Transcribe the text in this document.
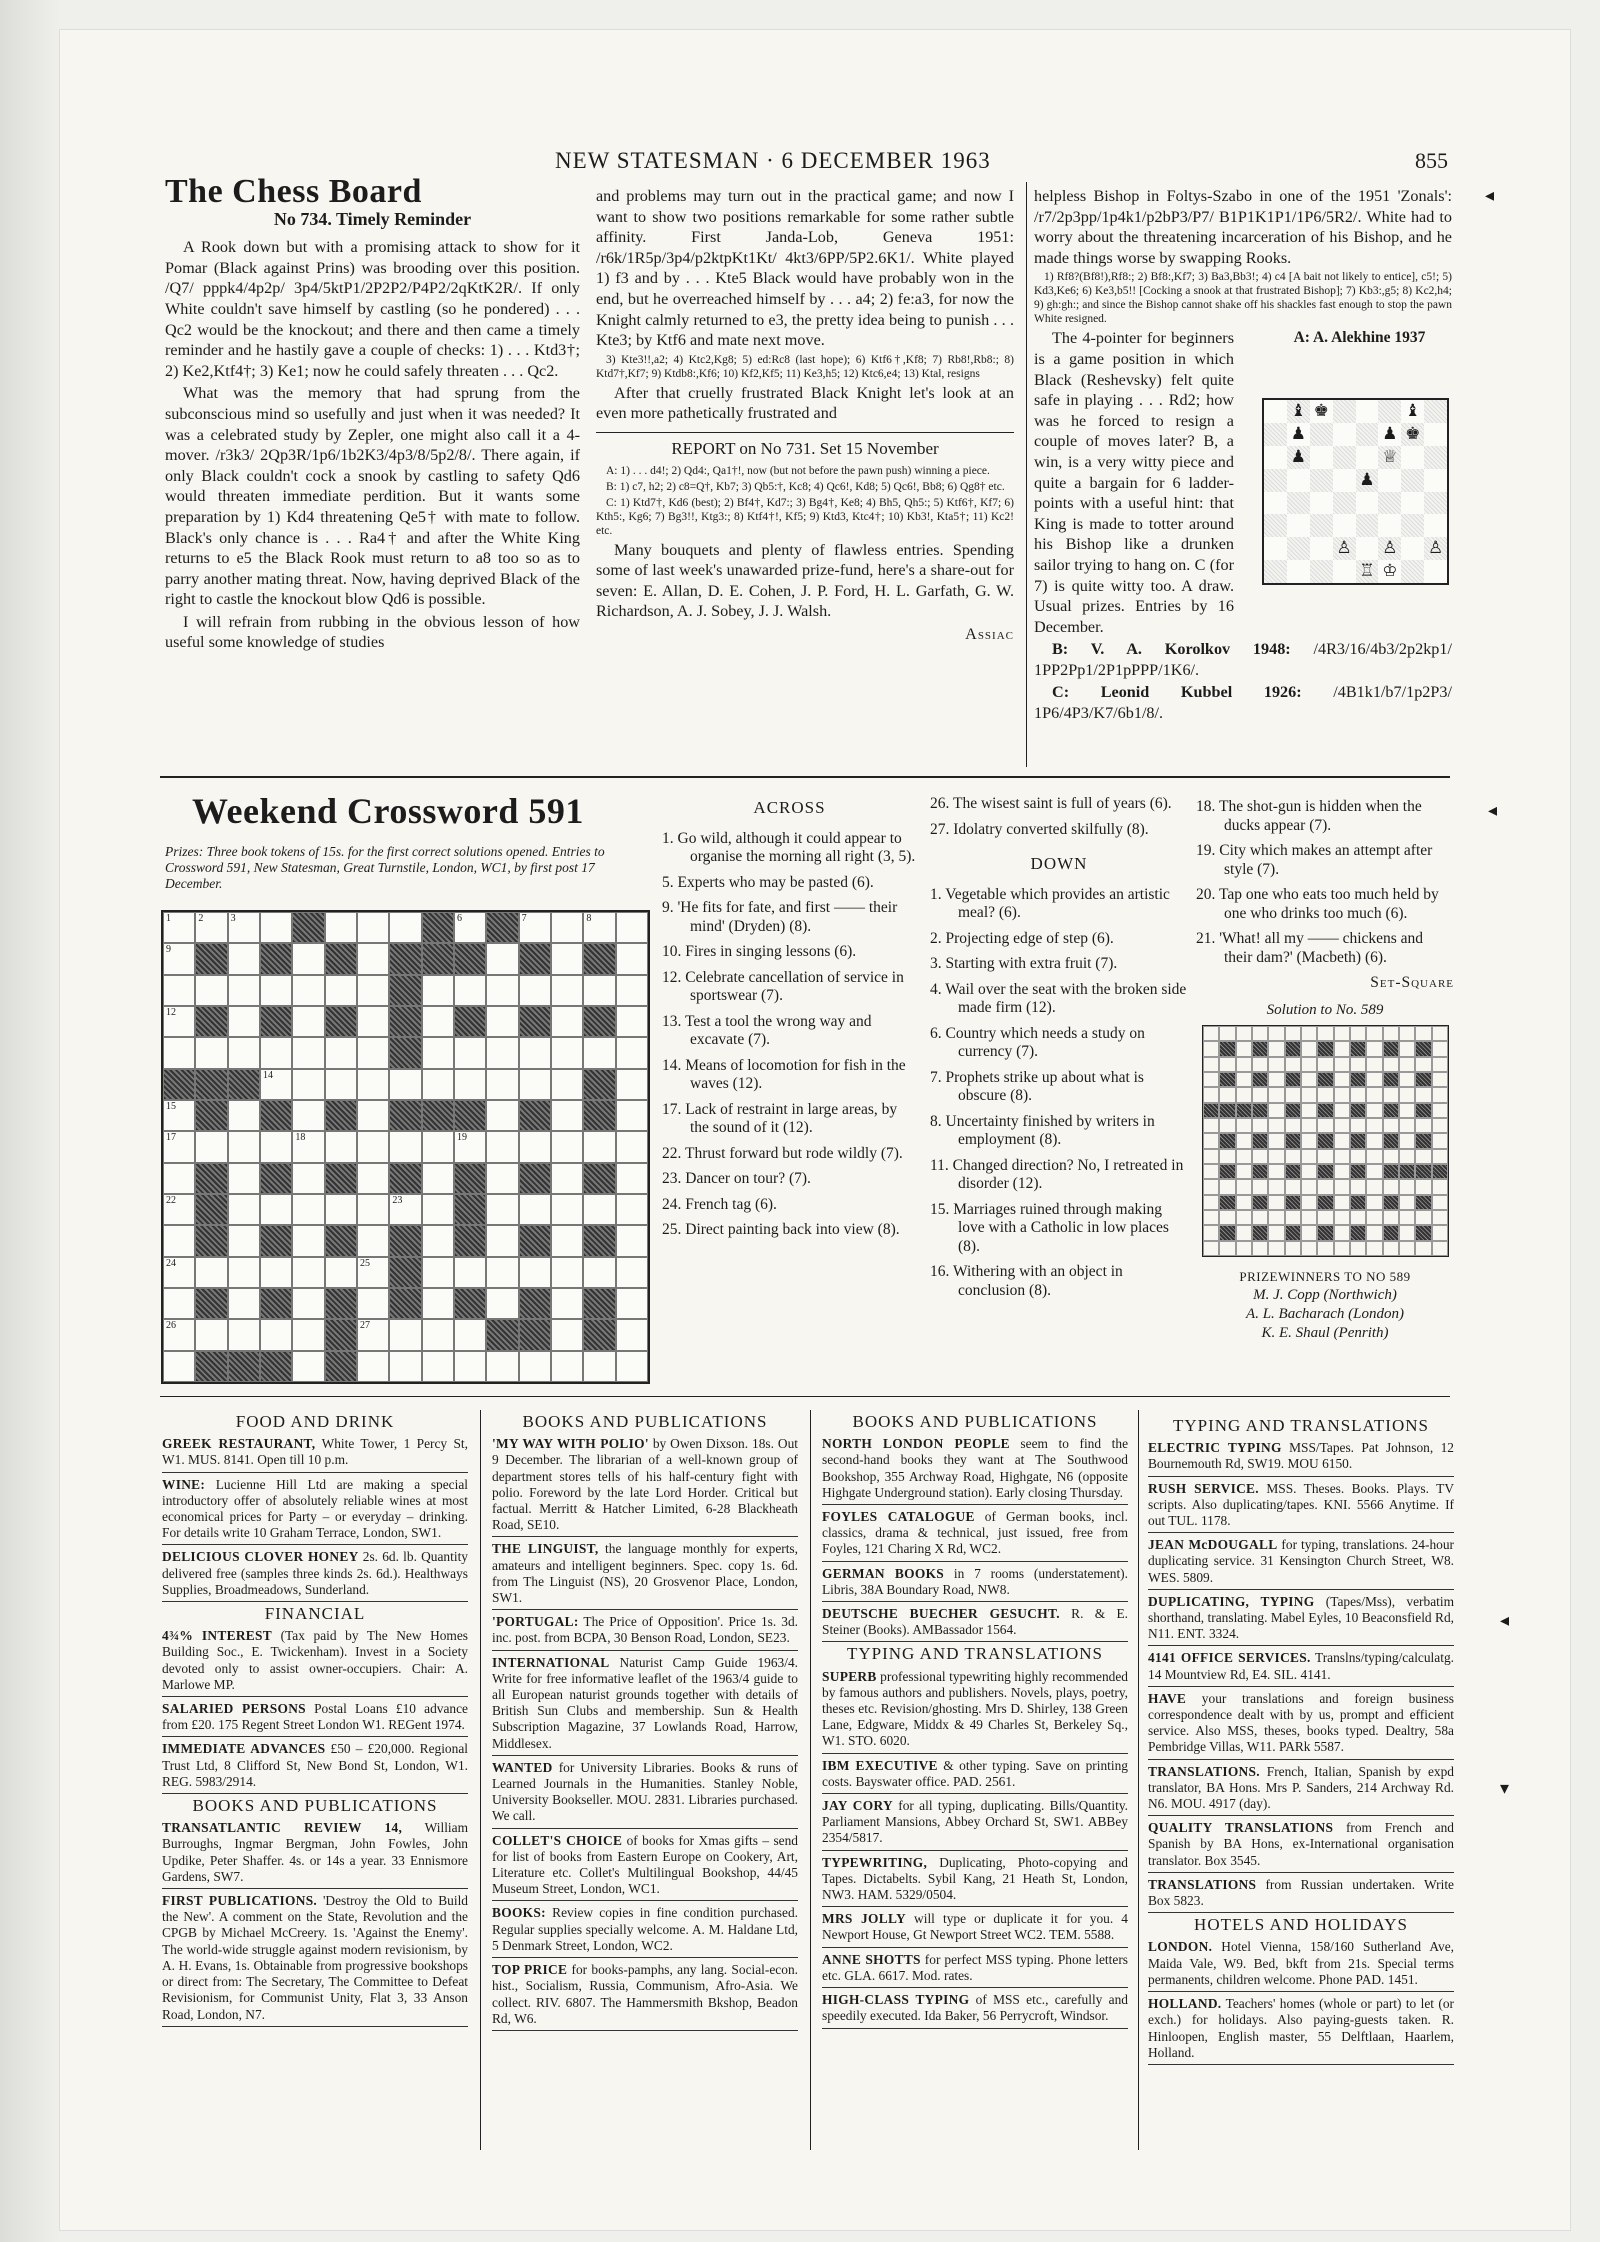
NEW STATESMAN · 6 DECEMBER 1963	855
The Chess Board
No 734. Timely Reminder

A Rook down but with a promising attack to show for it Pomar (Black against Prins) was brooding over this position. /Q7/ pppk4/4p2p/ 3p4/5ktP1/2P2P2/P4P2/2qKtK2R/. If only White couldn't save himself by castling (so he pondered) . . . Qc2 would be the knockout; and there and then came a timely reminder and he hastily gave a couple of checks: 1) . . . Ktd3†; 2) Ke2,Ktf4†; 3) Ke1; now he could safely threaten . . . Qc2.

What was the memory that had sprung from the subconscious mind so usefully and just when it was needed? It was a celebrated study by Zepler, one might also call it a 4-mover. /r3k3/ 2Qp3R/1p6/1b2K3/4p3/8/5p2/8/. There again, if only Black couldn't cock a snook by castling to safety Qd6 would threaten immediate perdition. But it wants some preparation by 1) Kd4 threatening Qe5† with mate to follow. Black's only chance is . . . Ra4† and after the White King returns to e5 the Black Rook must return to a8 too so as to parry another mating threat. Now, having deprived Black of the right to castle the knockout blow Qd6 is possible.

I will refrain from rubbing in the obvious lesson of how useful some knowledge of studies

and problems may turn out in the practical game; and now I want to show two positions remarkable for some rather subtle affinity. First Janda-Lob, Geneva 1951: /r6k/1R5p/3p4/p2ktpKt1Kt/ 4kt3/6PP/5P2.6K1/. White played 1) f3 and by . . . Kte5 Black would have probably won in the end, but he overreached himself by . . . a4; 2) fe:a3, for now the Knight calmly returned to e3, the pretty idea being to punish . . . Kte3; by Ktf6 and mate next move.

3) Kte3!!,a2; 4) Ktc2,Kg8; 5) ed:Rc8 (last hope); 6) Ktf6†,Kf8; 7) Rb8!,Rb8:; 8) Ktd7†,Kf7; 9) Ktdb8:,Kf6; 10) Kf2,Kf5; 11) Ke3,h5; 12) Ktc6,e4; 13) Ktal, resigns

After that cruelly frustrated Black Knight let's look at an even more pathetically frustrated and

REPORT on No 731. Set 15 November

A: 1) . . . d4!; 2) Qd4:, Qa1†!, now (but not before the pawn push) winning a piece.

B: 1) c7, h2; 2) c8=Q†, Kb7; 3) Qb5:†, Kc8; 4) Qc6!, Kd8; 5) Qc6!, Bb8; 6) Qg8† etc.

C: 1) Ktd7†, Kd6 (best); 2) Bf4†, Kd7:; 3) Bg4†, Ke8; 4) Bh5, Qh5:; 5) Ktf6†, Kf7; 6) Kth5:, Kg6; 7) Bg3!!, Ktg3:; 8) Ktf4†!, Kf5; 9) Ktd3, Ktc4†; 10) Kb3!, Kta5†; 11) Kc2! etc.

Many bouquets and plenty of flawless entries. Spending some of last week's unawarded prize-fund, here's a share-out for seven: E. Allan, D. E. Cohen, J. P. Ford, H. L. Garfath, G. W. Richardson, A. J. Sobey, J. J. Walsh.

Assiac

helpless Bishop in Foltys-Szabo in one of the 1951 'Zonals': /r7/2p3pp/1p4k1/p2bP3/P7/ B1P1K1P1/1P6/5R2/. White had to worry about the threatening incarceration of his Bishop, and he made things worse by swapping Rooks.

1) Rf8?(Bf8!),Rf8:; 2) Bf8:,Kf7; 3) Ba3,Bb3!; 4) c4 [A bait not likely to entice], c5!; 5) Kd3,Ke6; 6) Ke3,b5!! [Cocking a snook at that frustrated Bishop]; 7) Kb3:,g5; 8) Kc2,h4; 9) gh:gh:; and since the Bishop cannot shake off his shackles fast enough to stop the pawn White resigned.

A: A. Alekhine 1937

The 4-pointer for beginners is a game position in which Black (Reshevsky) felt quite safe in playing . . . Rd2; how was he forced to resign a couple of moves later? B, a win, is a very witty piece and quite a bargain for 6 ladder-points with a useful hint: that King is made to totter around his Bishop like a drunken sailor trying to hang on. C (for 7) is quite witty too. A draw. Usual prizes. Entries by 16 December.

B: V. A. Korolkov 1948: /4R3/16/4b3/2p2kp1/ 1PP2Pp1/2P1pPPP/1K6/.

C: Leonid Kubbel 1926: /4B1k1/b7/1p2P3/ 1P6/4P3/K7/6b1/8/.

♝ ♚	♝
♟	♟ ♚
♟	♕
♟
♙ ♙ ♙
♖ ♔
Weekend Crossword 591
Prizes: Three book tokens of 15s. for the first correct solutions opened. Entries to Crossword 591, New Statesman, Great Turnstile, London, WC1, by first post 17 December.
1	2	3	6	7	8
9
12
14
15
17	18	19
22	23
24	25
26	27
ACROSS
1. Go wild, although it could appear to organise the morning all right (3, 5).
5. Experts who may be pasted (6).
9. 'He fits for fate, and first —— their mind' (Dryden) (8).
10. Fires in singing lessons (6).
12. Celebrate cancellation of service in sportswear (7).
13. Test a tool the wrong way and excavate (7).
14. Means of locomotion for fish in the waves (12).
17. Lack of restraint in large areas, by the sound of it (12).
22. Thrust forward but rode wildly (7).
23. Dancer on tour? (7).
24. French tag (6).
25. Direct painting back into view (8).
26. The wisest saint is full of years (6).
27. Idolatry converted skilfully (8).
DOWN
1. Vegetable which provides an artistic meal? (6).
2. Projecting edge of step (6).
3. Starting with extra fruit (7).
4. Wail over the seat with the broken side made firm (12).
6. Country which needs a study on currency (7).
7. Prophets strike up about what is obscure (8).
8. Uncertainty finished by writers in employment (8).
11. Changed direction? No, I retreated in disorder (12).
15. Marriages ruined through making love with a Catholic in low places (8).
16. Withering with an object in conclusion (8).
18. The shot-gun is hidden when the ducks appear (7).
19. City which makes an attempt after style (7).
20. Tap one who eats too much held by one who drinks too much (6).
21. 'What! all my —— chickens and their dam?' (Macbeth) (6).
Set-Square
Solution to No. 589
PRIZEWINNERS TO NO 589
M. J. Copp (Northwich)
A. L. Bacharach (London)
K. E. Shaul (Penrith)
FOOD AND DRINK
GREEK RESTAURANT, White Tower, 1 Percy St, W1. MUS. 8141. Open till 10 p.m.
WINE: Lucienne Hill Ltd are making a special introductory offer of absolutely reliable wines at most economical prices for Party – or everyday – drinking. For details write 10 Graham Terrace, London, SW1.
DELICIOUS CLOVER HONEY 2s. 6d. lb. Quantity delivered free (samples three kinds 2s. 6d.). Healthways Supplies, Broadmeadows, Sunderland.
FINANCIAL
4¾% INTEREST (Tax paid by The New Homes Building Soc., E. Twickenham). Invest in a Society devoted only to assist owner-occupiers. Chair: A. Marlowe MP.
SALARIED PERSONS Postal Loans £10 advance from £20. 175 Regent Street London W1. REGent 1974.
IMMEDIATE ADVANCES £50 – £20,000. Regional Trust Ltd, 8 Clifford St, New Bond St, London, W1. REG. 5983/2914.
BOOKS AND PUBLICATIONS
TRANSATLANTIC REVIEW 14, William Burroughs, Ingmar Bergman, John Fowles, John Updike, Peter Shaffer. 4s. or 14s a year. 33 Ennismore Gardens, SW7.
FIRST PUBLICATIONS. 'Destroy the Old to Build the New'. A comment on the State, Revolution and the CPGB by Michael McCreery. 1s. 'Against the Enemy'. The world-wide struggle against modern revisionism, by A. H. Evans, 1s. Obtainable from progressive bookshops or direct from: The Secretary, The Committee to Defeat Revisionism, for Communist Unity, Flat 3, 33 Anson Road, London, N7.
BOOKS AND PUBLICATIONS
'MY WAY WITH POLIO' by Owen Dixson. 18s. Out 9 December. The librarian of a well-known group of department stores tells of his half-century fight with polio. Foreword by the late Lord Horder. Critical but factual. Merritt & Hatcher Limited, 6-28 Blackheath Road, SE10.
THE LINGUIST, the language monthly for experts, amateurs and intelligent beginners. Spec. copy 1s. 6d. from The Linguist (NS), 20 Grosvenor Place, London, SW1.
'PORTUGAL: The Price of Opposition'. Price 1s. 3d. inc. post. from BCPA, 30 Benson Road, London, SE23.
INTERNATIONAL Naturist Camp Guide 1963/4. Write for free informative leaflet of the 1963/4 guide to all European naturist grounds together with details of British Sun Clubs and membership. Sun & Health Subscription Magazine, 37 Lowlands Road, Harrow, Middlesex.
WANTED for University Libraries. Books & runs of Learned Journals in the Humanities. Stanley Noble, University Bookseller. MOU. 2831. Libraries purchased. We call.
COLLET'S CHOICE of books for Xmas gifts – send for list of books from Eastern Europe on Cookery, Art, Literature etc. Collet's Multilingual Bookshop, 44/45 Museum Street, London, WC1.
BOOKS: Review copies in fine condition purchased. Regular supplies specially welcome. A. M. Haldane Ltd, 5 Denmark Street, London, WC2.
TOP PRICE for books-pamphs, any lang. Social-econ. hist., Socialism, Russia, Communism, Afro-Asia. We collect. RIV. 6807. The Hammersmith Bkshop, Beadon Rd, W6.
BOOKS AND PUBLICATIONS
NORTH LONDON PEOPLE seem to find the second-hand books they want at The Southwood Bookshop, 355 Archway Road, Highgate, N6 (opposite Highgate Underground station). Early closing Thursday.
FOYLES CATALOGUE of German books, incl. classics, drama & technical, just issued, free from Foyles, 121 Charing X Rd, WC2.
GERMAN BOOKS in 7 rooms (understatement). Libris, 38A Boundary Road, NW8.
DEUTSCHE BUECHER GESUCHT. R. & E. Steiner (Books). AMBassador 1564.
TYPING AND TRANSLATIONS
SUPERB professional typewriting highly recommended by famous authors and publishers. Novels, plays, poetry, theses etc. Revision/ghosting. Mrs D. Shirley, 138 Green Lane, Edgware, Middx & 49 Charles St, Berkeley Sq., W1. STO. 6020.
IBM EXECUTIVE & other typing. Save on printing costs. Bayswater office. PAD. 2561.
JAY CORY for all typing, duplicating. Bills/Quantity. Parliament Mansions, Abbey Orchard St, SW1. ABBey 2354/5817.
TYPEWRITING, Duplicating, Photo-copying and Tapes. Dictabelts. Sybil Kang, 21 Heath St, London, NW3. HAM. 5329/0504.
MRS JOLLY will type or duplicate it for you. 4 Newport House, Gt Newport Street WC2. TEM. 5588.
ANNE SHOTTS for perfect MSS typing. Phone letters etc. GLA. 6617. Mod. rates.
HIGH-CLASS TYPING of MSS etc., carefully and speedily executed. Ida Baker, 56 Perrycroft, Windsor.
TYPING AND TRANSLATIONS
ELECTRIC TYPING MSS/Tapes. Pat Johnson, 12 Bournemouth Rd, SW19. MOU 6150.
RUSH SERVICE. MSS. Theses. Books. Plays. TV scripts. Also duplicating/tapes. KNI. 5566 Anytime. If out TUL. 1178.
JEAN McDOUGALL for typing, translations. 24-hour duplicating service. 31 Kensington Church Street, W8. WES. 5809.
DUPLICATING, TYPING (Tapes/Mss), verbatim shorthand, translating. Mabel Eyles, 10 Beaconsfield Rd, N11. ENT. 3324.
4141 OFFICE SERVICES. Translns/typing/calculatg. 14 Mountview Rd, E4. SIL. 4141.
HAVE your translations and foreign business correspondence dealt with by us, prompt and efficient service. Also MSS, theses, books typed. Dealtry, 58a Pembridge Villas, W11. PARk 5587.
TRANSLATIONS. French, Italian, Spanish by expd translator, BA Hons. Mrs P. Sanders, 214 Archway Rd. N6. MOU. 4917 (day).
QUALITY TRANSLATIONS from French and Spanish by BA Hons, ex-International organisation translator. Box 3545.
TRANSLATIONS from Russian undertaken. Write Box 5823.
HOTELS AND HOLIDAYS
LONDON. Hotel Vienna, 158/160 Sutherland Ave, Maida Vale, W9. Bed, bkft from 21s. Special terms permanents, children welcome. Phone PAD. 1451.
HOLLAND. Teachers' homes (whole or part) to let (or exch.) for holidays. Also paying-guests taken. R. Hinloopen, English master, 55 Delftlaan, Haarlem, Holland.
◂
◂
◂
▾
